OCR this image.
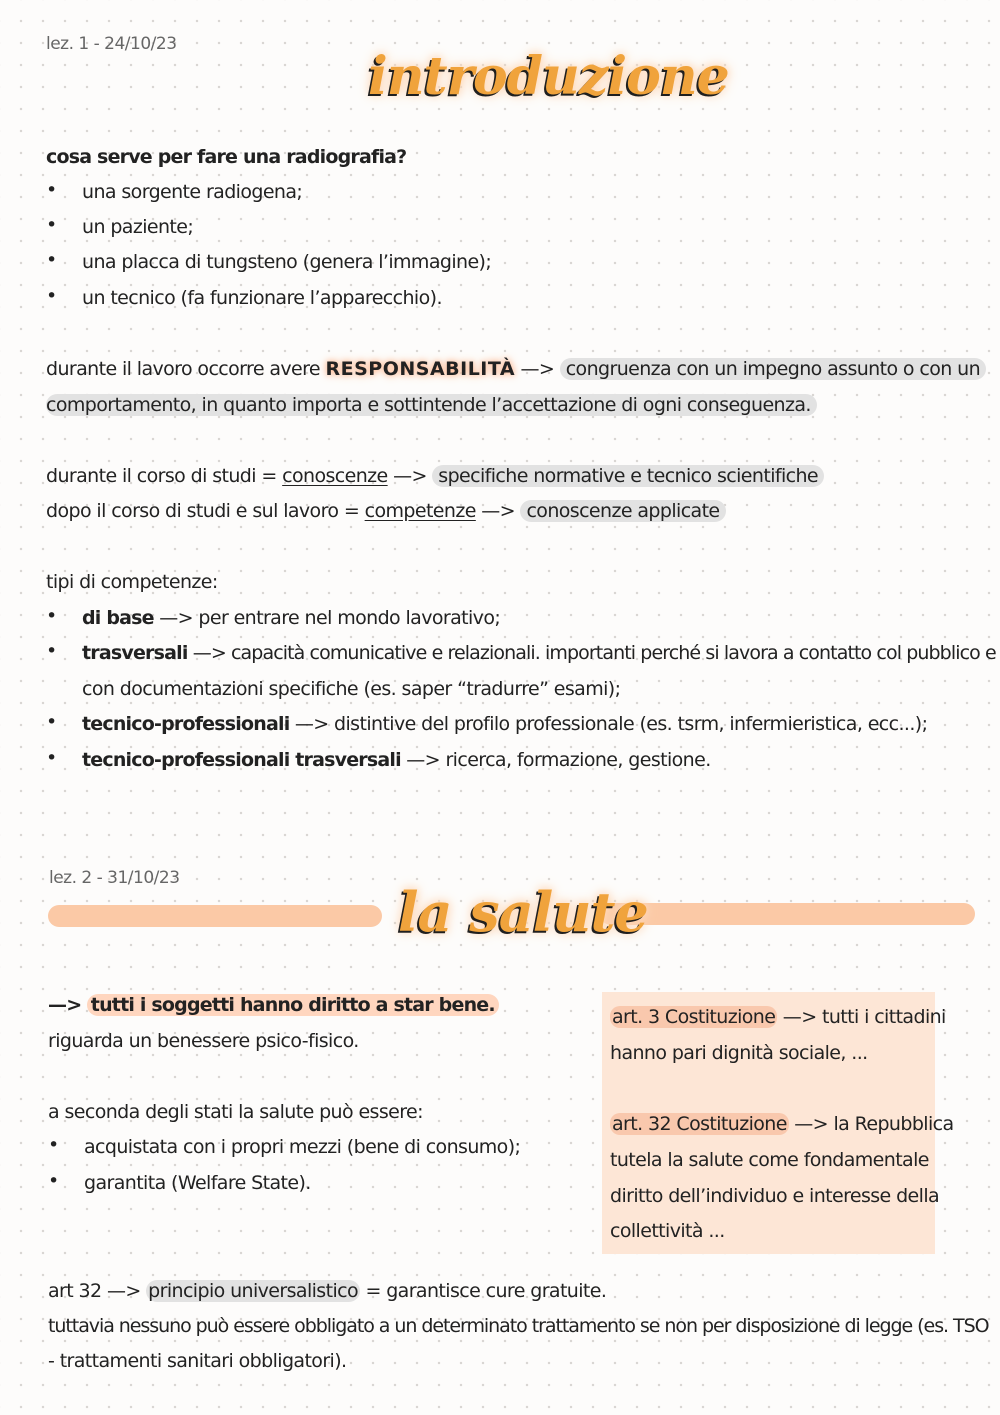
lez. 1 - 24/10/23
introduzione
cosa serve per fare una radiografia?
• una sorgente radiogena;
• un paziente;
• una placca di tungsteno (genera l’immagine);
• un tecnico (fa funzionare l’apparecchio).
durante il lavoro occorre avere RESPONSABILITÀ —> congruenza con un impegno assunto o con un
comportamento, in quanto importa e sottintende l’accettazione di ogni conseguenza.
durante il corso di studi = conoscenze —> specifiche normative e tecnico scientifiche
dopo il corso di studi e sul lavoro = competenze —> conoscenze applicate
tipi di competenze:
• di base —> per entrare nel mondo lavorativo;
• trasversali —> capacità comunicative e relazionali. importanti perché si lavora a contatto col pubblico e
con documentazioni specifiche (es. saper “tradurre” esami);
• tecnico-professionali —> distintive del profilo professionale (es. tsrm, infermieristica, ecc...);
• tecnico-professionali trasversali —> ricerca, formazione, gestione.
lez. 2 - 31/10/23
la salute
—> tutti i soggetti hanno diritto a star bene.
riguarda un benessere psico-fisico.
a seconda degli stati la salute può essere:
• acquistata con i propri mezzi (bene di consumo);
• garantita (Welfare State).
art. 3 Costituzione —> tutti i cittadini
hanno pari dignità sociale, ...
art. 32 Costituzione —> la Repubblica
tutela la salute come fondamentale
diritto dell’individuo e interesse della
collettività ...
art 32 —> principio universalistico = garantisce cure gratuite.
tuttavia nessuno può essere obbligato a un determinato trattamento se non per disposizione di legge (es. TSO
- trattamenti sanitari obbligatori).
